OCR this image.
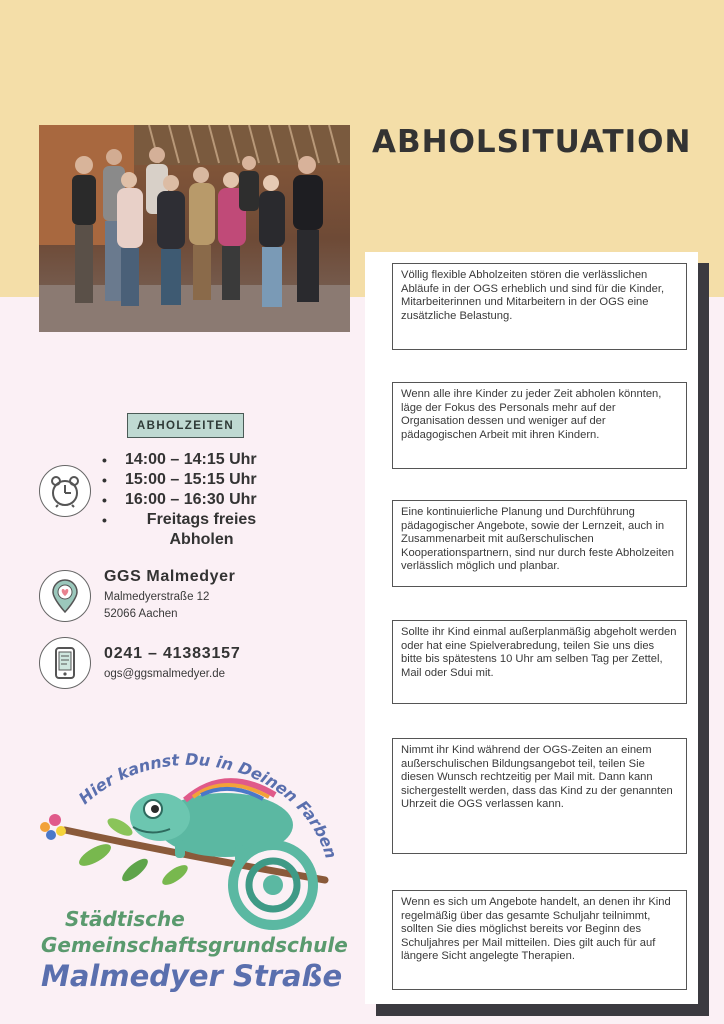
ABHOLSITUATION

Völlig flexible Abholzeiten stören die verlässlichen Abläufe in der OGS erheblich und sind für die Kinder, Mitarbeiterinnen und Mitarbeitern in der OGS eine zusätzliche Belastung.

Wenn alle ihre Kinder zu jeder Zeit abholen könnten, läge der Fokus des Personals mehr auf der Organisation dessen und weniger auf der pädagogischen Arbeit mit ihren Kindern.

Eine kontinuierliche Planung und Durchführung pädagogischer Angebote, sowie der Lernzeit, auch in Zusammenarbeit mit außerschulischen Kooperationspartnern, sind nur durch feste Abholzeiten verlässlich möglich und planbar.

Sollte ihr Kind einmal außerplanmäßig abgeholt werden oder hat eine Spielverabredung, teilen Sie uns dies bitte bis spätestens 10 Uhr am selben Tag per Zettel, Mail oder Sdui mit.

Nimmt ihr Kind während der OGS-Zeiten an einem außerschulischen Bildungsangebot teil, teilen Sie diesen Wunsch rechtzeitig per Mail mit. Dann kann sichergestellt werden, dass das Kind zu der genannten Uhrzeit die OGS verlassen kann.

Wenn es sich um Angebote handelt, an denen ihr Kind regelmäßig über das gesamte Schuljahr teilnimmt, sollten Sie dies möglichst bereits vor Beginn des Schuljahres per Mail mitteilen. Dies gilt auch für auf längere Sicht angelegte Therapien.

ABHOLZEITEN
• 14:00 – 14:15 Uhr
• 15:00 – 15:15 Uhr
• 16:00 – 16:30 Uhr
• Freitags freies
Abholen
GGS Malmedyer
Malmedyerstraße 12
52066 Aachen
0241 – 41383157
ogs@ggsmalmedyer.de
Hier kannst Du in Deinen Farben
Städtische
Gemeinschaftsgrundschule
Malmedyer Straße
